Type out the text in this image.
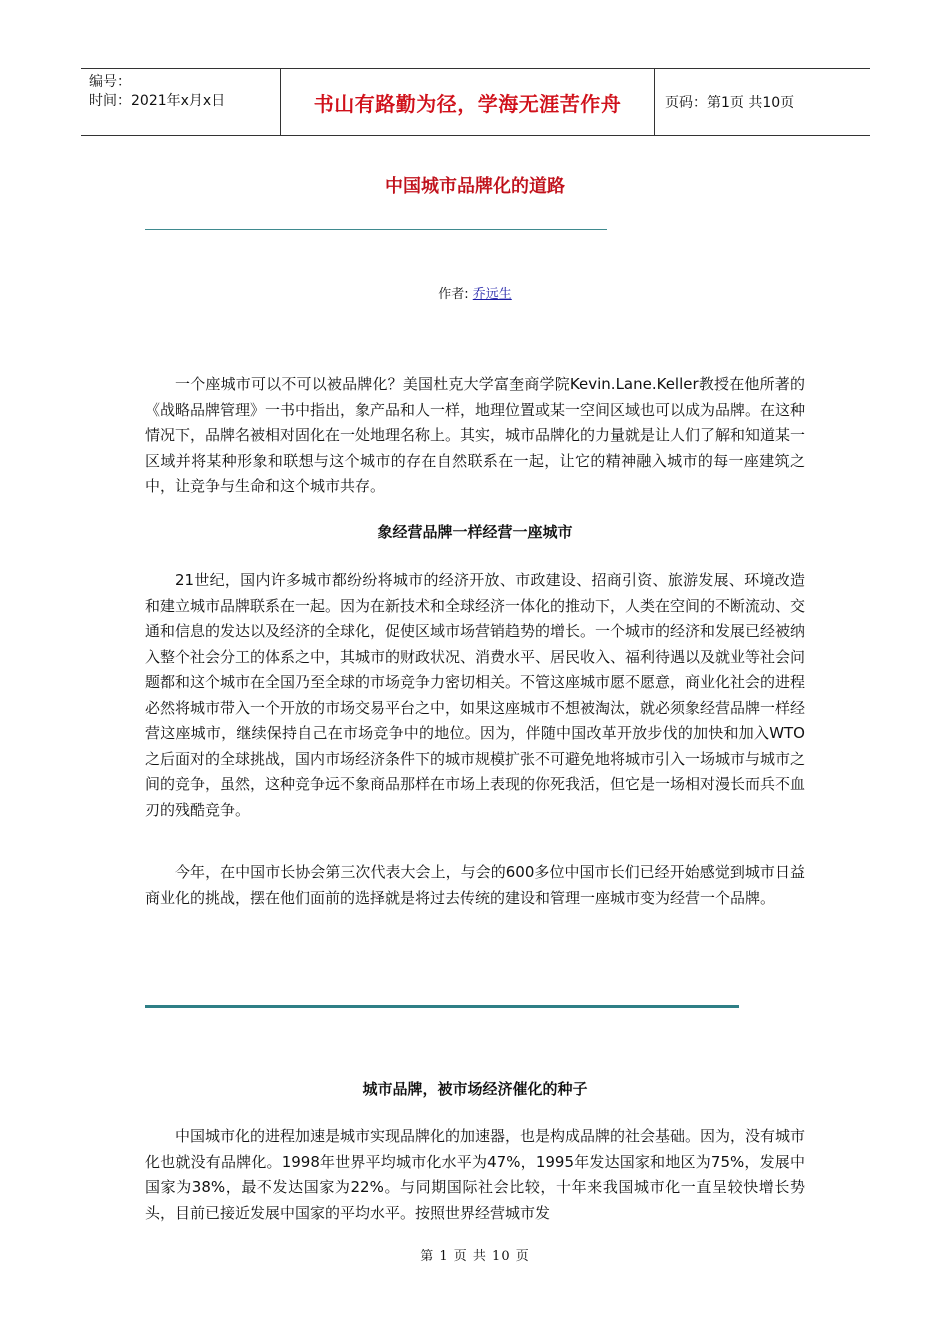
编号：
时间：2021年x月x日	书山有路勤为径，学海无涯苦作舟	页码：第1页 共10页
中国城市品牌化的道路
作者: 乔远生

一个座城市可以不可以被品牌化？美国杜克大学富奎商学院Kevin.Lane.Keller教授在他所著的《战略品牌管理》一书中指出，象产品和人一样，地理位置或某一空间区域也可以成为品牌。在这种情况下，品牌名被相对固化在一处地理名称上。其实，城市品牌化的力量就是让人们了解和知道某一区域并将某种形象和联想与这个城市的存在自然联系在一起，让它的精神融入城市的每一座建筑之中，让竞争与生命和这个城市共存。

象经营品牌一样经营一座城市

21世纪，国内许多城市都纷纷将城市的经济开放、市政建设、招商引资、旅游发展、环境改造和建立城市品牌联系在一起。因为在新技术和全球经济一体化的推动下，人类在空间的不断流动、交通和信息的发达以及经济的全球化，促使区域市场营销趋势的增长。一个城市的经济和发展已经被纳入整个社会分工的体系之中，其城市的财政状况、消费水平、居民收入、福利待遇以及就业等社会问题都和这个城市在全国乃至全球的市场竞争力密切相关。不管这座城市愿不愿意，商业化社会的进程必然将城市带入一个开放的市场交易平台之中，如果这座城市不想被淘汰，就必须象经营品牌一样经营这座城市，继续保持自己在市场竞争中的地位。因为，伴随中国改革开放步伐的加快和加入WTO之后面对的全球挑战，国内市场经济条件下的城市规模扩张不可避免地将城市引入一场城市与城市之间的竞争，虽然，这种竞争远不象商品那样在市场上表现的你死我活，但它是一场相对漫长而兵不血刃的残酷竞争。

今年，在中国市长协会第三次代表大会上，与会的600多位中国市长们已经开始感觉到城市日益商业化的挑战，摆在他们面前的选择就是将过去传统的建设和管理一座城市变为经营一个品牌。

城市品牌，被市场经济催化的种子

中国城市化的进程加速是城市实现品牌化的加速器，也是构成品牌的社会基础。因为，没有城市化也就没有品牌化。1998年世界平均城市化水平为47%，1995年发达国家和地区为75%，发展中国家为38%，最不发达国家为22%。与同期国际社会比较，十年来我国城市化一直呈较快增长势头，目前已接近发展中国家的平均水平。按照世界经营城市发

第 1 页 共 10 页
